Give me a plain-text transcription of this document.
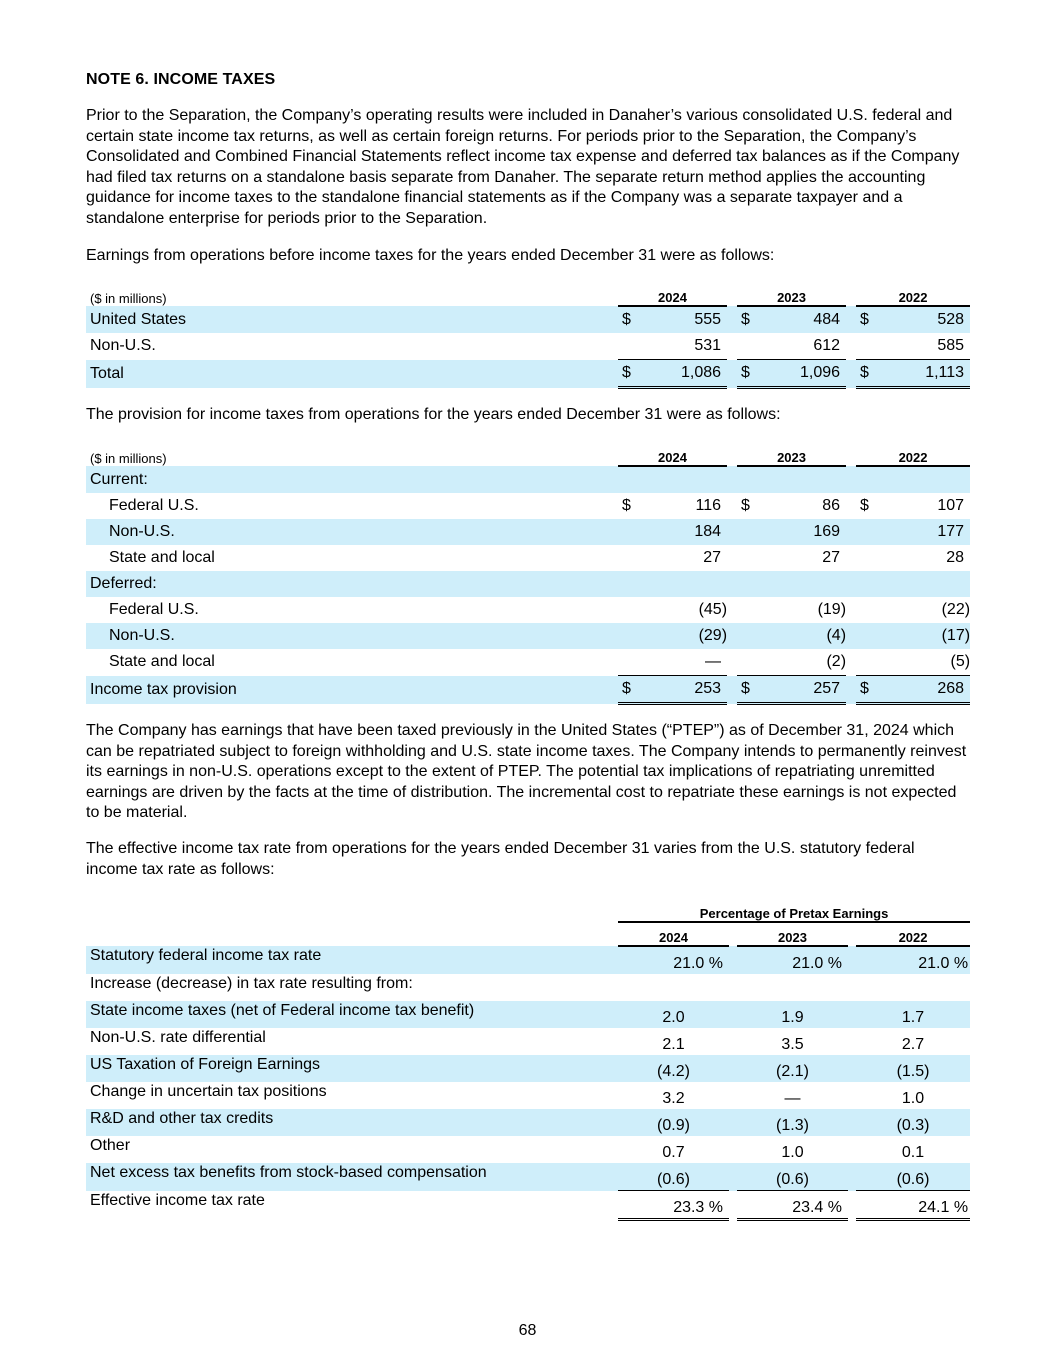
NOTE 6. INCOME TAXES
Prior to the Separation, the Company’s operating results were included in Danaher’s various consolidated U.S. federal and certain state income tax returns, as well as certain foreign returns. For periods prior to the Separation, the Company’s Consolidated and Combined Financial Statements reflect income tax expense and deferred tax balances as if the Company had filed tax returns on a standalone basis separate from Danaher. The separate return method applies the accounting guidance for income taxes to the standalone financial statements as if the Company was a separate taxpayer and a standalone enterprise for periods prior to the Separation.
Earnings from operations before income taxes for the years ended December 31 were as follows:
($ in millions)	2024			2023			2022	
United States	$	555		$	484		$	528
Non-U.S.		531			612			585
Total	$	1,086		$	1,096		$	1,113
The provision for income taxes from operations for the years ended December 31 were as follows:
($ in millions)	2024			2023			2022	
Current:								
Federal U.S.	$	116		$	86		$	107
Non-U.S.		184			169			177
State and local		27			27			28
Deferred:								
Federal U.S.		(45)			(19)			(22)
Non-U.S.		(29)			(4)			(17)
State and local		—			(2)			(5)
Income tax provision	$	253		$	257		$	268
The Company has earnings that have been taxed previously in the United States (“PTEP”) as of December 31, 2024 which can be repatriated subject to foreign withholding and U.S. state income taxes. The Company intends to permanently reinvest its earnings in non-U.S. operations except to the extent of PTEP. The potential tax implications of repatriating unremitted earnings are driven by the facts at the time of distribution. The incremental cost to repatriate these earnings is not expected to be material.
The effective income tax rate from operations for the years ended December 31 varies from the U.S. statutory federal income tax rate as follows:
	Percentage of Pretax Earnings				
	2024		2023		2022
Statutory federal income tax rate	21.0 %		21.0 %		21.0 %
Increase (decrease) in tax rate resulting from:					
State income taxes (net of Federal income tax benefit)	2.0		1.9		1.7
Non-U.S. rate differential	2.1		3.5		2.7
US Taxation of Foreign Earnings	(4.2)		(2.1)		(1.5)
Change in uncertain tax positions	3.2		—		1.0
R&D and other tax credits	(0.9)		(1.3)		(0.3)
Other	0.7		1.0		0.1
Net excess tax benefits from stock-based compensation	(0.6)		(0.6)		(0.6)
Effective income tax rate	23.3 %		23.4 %		24.1 %
68
